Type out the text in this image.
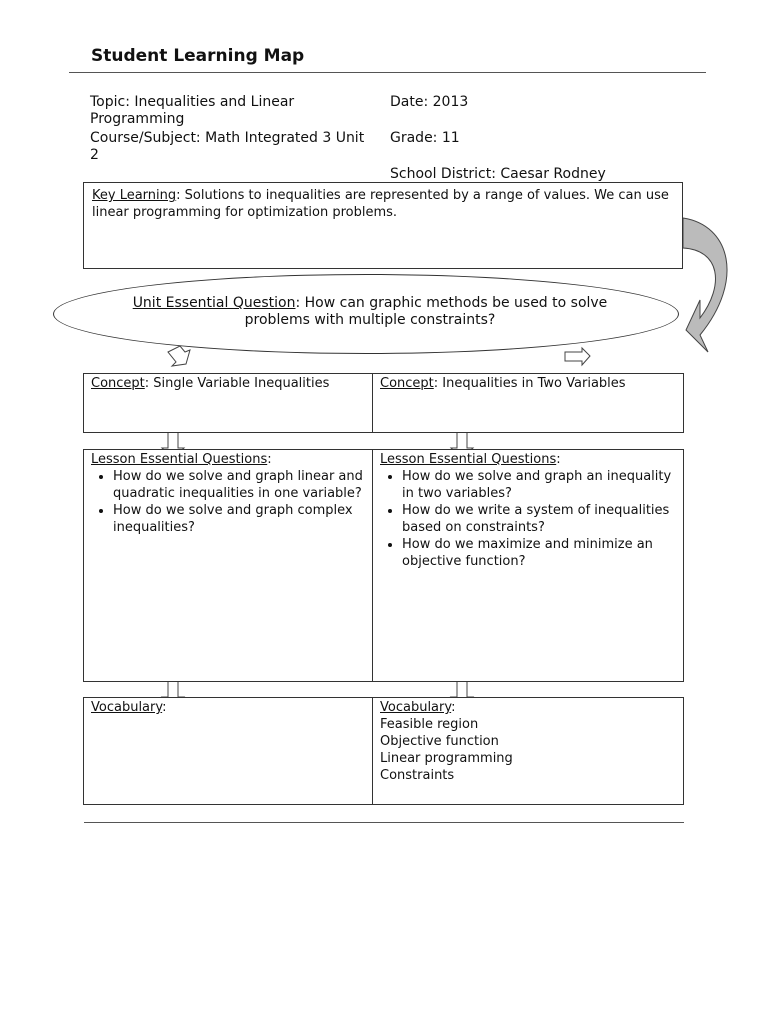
Student Learning Map
Topic: Inequalities and Linear Programming
Course/Subject: Math Integrated 3 Unit 2
Date: 2013
Grade: 11
School District: Caesar Rodney
Key Learning: Solutions to inequalities are represented by a range of values. We can use linear programming for optimization problems.
Unit Essential Question: How can graphic methods be used to solve problems with multiple constraints?
Concept: Single Variable Inequalities	Concept: Inequalities in Two Variables
Lesson Essential Questions:
• How do we solve and graph linear and quadratic inequalities in one variable?
• How do we solve and graph complex inequalities?
Lesson Essential Questions:
• How do we solve and graph an inequality in two variables?
• How do we write a system of inequalities based on constraints?
• How do we maximize and minimize an objective function?
Vocabulary:	Vocabulary:
Feasible region
Objective function
Linear programming
Constraints
